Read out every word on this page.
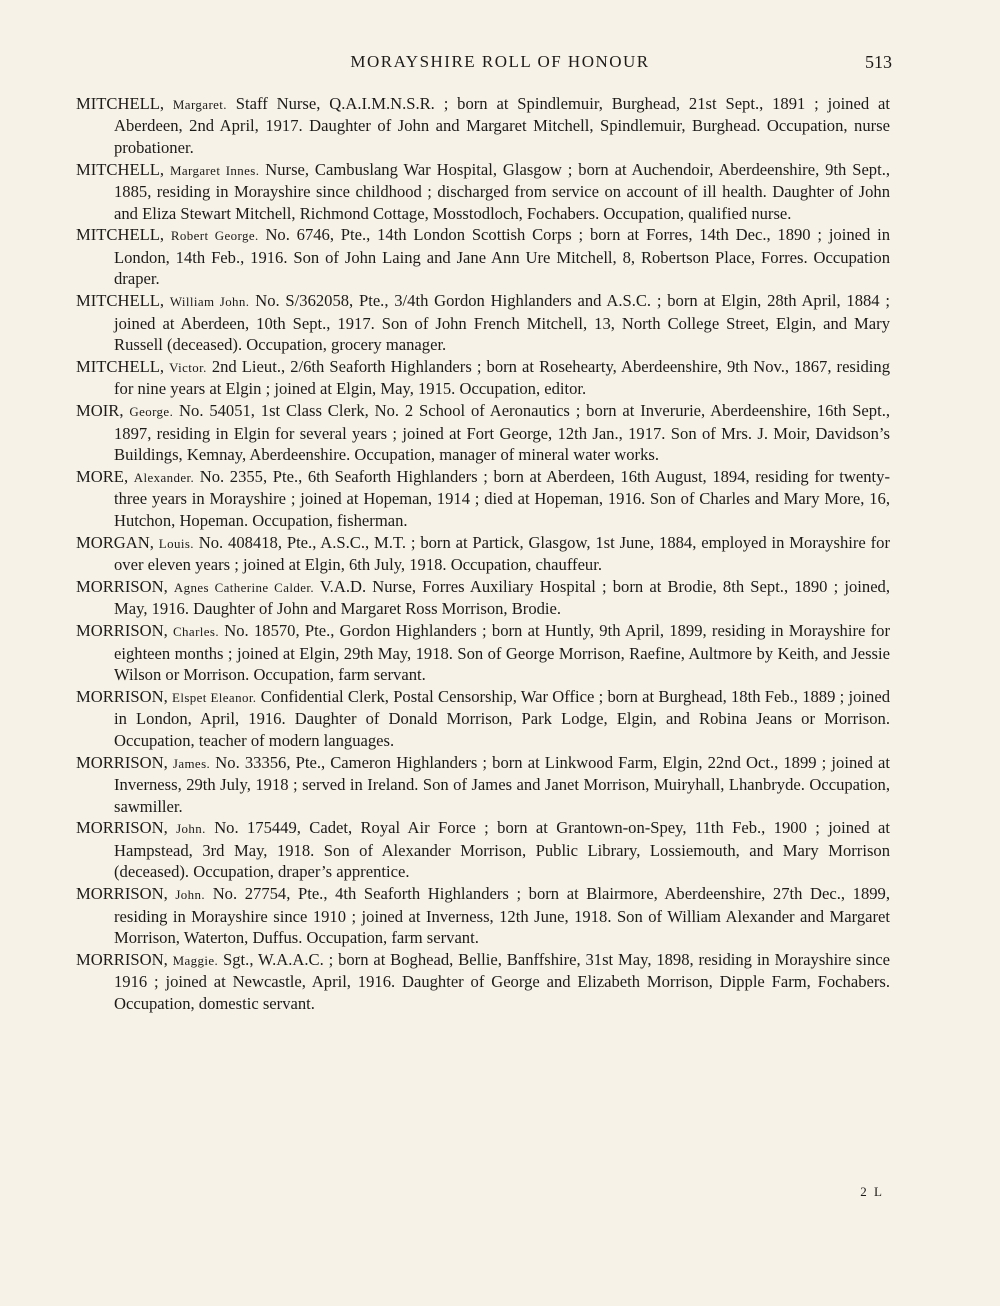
MORAYSHIRE ROLL OF HONOUR	513

MITCHELL, Margaret. Staff Nurse, Q.A.I.M.N.S.R. ; born at Spindlemuir, Burghead, 21st Sept., 1891 ; joined at Aberdeen, 2nd April, 1917. Daughter of John and Margaret Mitchell, Spindlemuir, Burghead. Occupation, nurse probationer.

MITCHELL, Margaret Innes. Nurse, Cambuslang War Hospital, Glasgow ; born at Auchendoir, Aberdeenshire, 9th Sept., 1885, residing in Morayshire since childhood ; discharged from service on account of ill health. Daughter of John and Eliza Stewart Mitchell, Richmond Cottage, Mosstodloch, Fochabers. Occupation, qualified nurse.

MITCHELL, Robert George. No. 6746, Pte., 14th London Scottish Corps ; born at Forres, 14th Dec., 1890 ; joined in London, 14th Feb., 1916. Son of John Laing and Jane Ann Ure Mitchell, 8, Robertson Place, Forres. Occupation draper.

MITCHELL, William John. No. S/362058, Pte., 3/4th Gordon Highlanders and A.S.C. ; born at Elgin, 28th April, 1884 ; joined at Aberdeen, 10th Sept., 1917. Son of John French Mitchell, 13, North College Street, Elgin, and Mary Russell (deceased). Occupation, grocery manager.

MITCHELL, Victor. 2nd Lieut., 2/6th Seaforth Highlanders ; born at Rosehearty, Aberdeenshire, 9th Nov., 1867, residing for nine years at Elgin ; joined at Elgin, May, 1915. Occupation, editor.

MOIR, George. No. 54051, 1st Class Clerk, No. 2 School of Aeronautics ; born at Inverurie, Aberdeenshire, 16th Sept., 1897, residing in Elgin for several years ; joined at Fort George, 12th Jan., 1917. Son of Mrs. J. Moir, Davidson’s Buildings, Kemnay, Aberdeenshire. Occupation, manager of mineral water works.

MORE, Alexander. No. 2355, Pte., 6th Seaforth Highlanders ; born at Aberdeen, 16th August, 1894, residing for twenty-three years in Morayshire ; joined at Hopeman, 1914 ; died at Hopeman, 1916. Son of Charles and Mary More, 16, Hutchon, Hopeman. Occupation, fisherman.

MORGAN, Louis. No. 408418, Pte., A.S.C., M.T. ; born at Partick, Glasgow, 1st June, 1884, employed in Morayshire for over eleven years ; joined at Elgin, 6th July, 1918. Occupation, chauffeur.

MORRISON, Agnes Catherine Calder. V.A.D. Nurse, Forres Auxiliary Hospital ; born at Brodie, 8th Sept., 1890 ; joined, May, 1916. Daughter of John and Margaret Ross Morrison, Brodie.

MORRISON, Charles. No. 18570, Pte., Gordon Highlanders ; born at Huntly, 9th April, 1899, residing in Morayshire for eighteen months ; joined at Elgin, 29th May, 1918. Son of George Morrison, Raefine, Aultmore by Keith, and Jessie Wilson or Morrison. Occupation, farm servant.

MORRISON, Elspet Eleanor. Confidential Clerk, Postal Censorship, War Office ; born at Burghead, 18th Feb., 1889 ; joined in London, April, 1916. Daughter of Donald Morrison, Park Lodge, Elgin, and Robina Jeans or Morrison. Occupation, teacher of modern languages.

MORRISON, James. No. 33356, Pte., Cameron Highlanders ; born at Linkwood Farm, Elgin, 22nd Oct., 1899 ; joined at Inverness, 29th July, 1918 ; served in Ireland. Son of James and Janet Morrison, Muiryhall, Lhanbryde. Occupation, sawmiller.

MORRISON, John. No. 175449, Cadet, Royal Air Force ; born at Grantown-on-Spey, 11th Feb., 1900 ; joined at Hampstead, 3rd May, 1918. Son of Alexander Morrison, Public Library, Lossiemouth, and Mary Morrison (deceased). Occupation, draper’s apprentice.

MORRISON, John. No. 27754, Pte., 4th Seaforth Highlanders ; born at Blairmore, Aberdeenshire, 27th Dec., 1899, residing in Morayshire since 1910 ; joined at Inverness, 12th June, 1918. Son of William Alexander and Margaret Morrison, Waterton, Duffus. Occupation, farm servant.

MORRISON, Maggie. Sgt., W.A.A.C. ; born at Boghead, Bellie, Banffshire, 31st May, 1898, residing in Morayshire since 1916 ; joined at Newcastle, April, 1916. Daughter of George and Elizabeth Morrison, Dipple Farm, Fochabers. Occupation, domestic servant.

2 L
